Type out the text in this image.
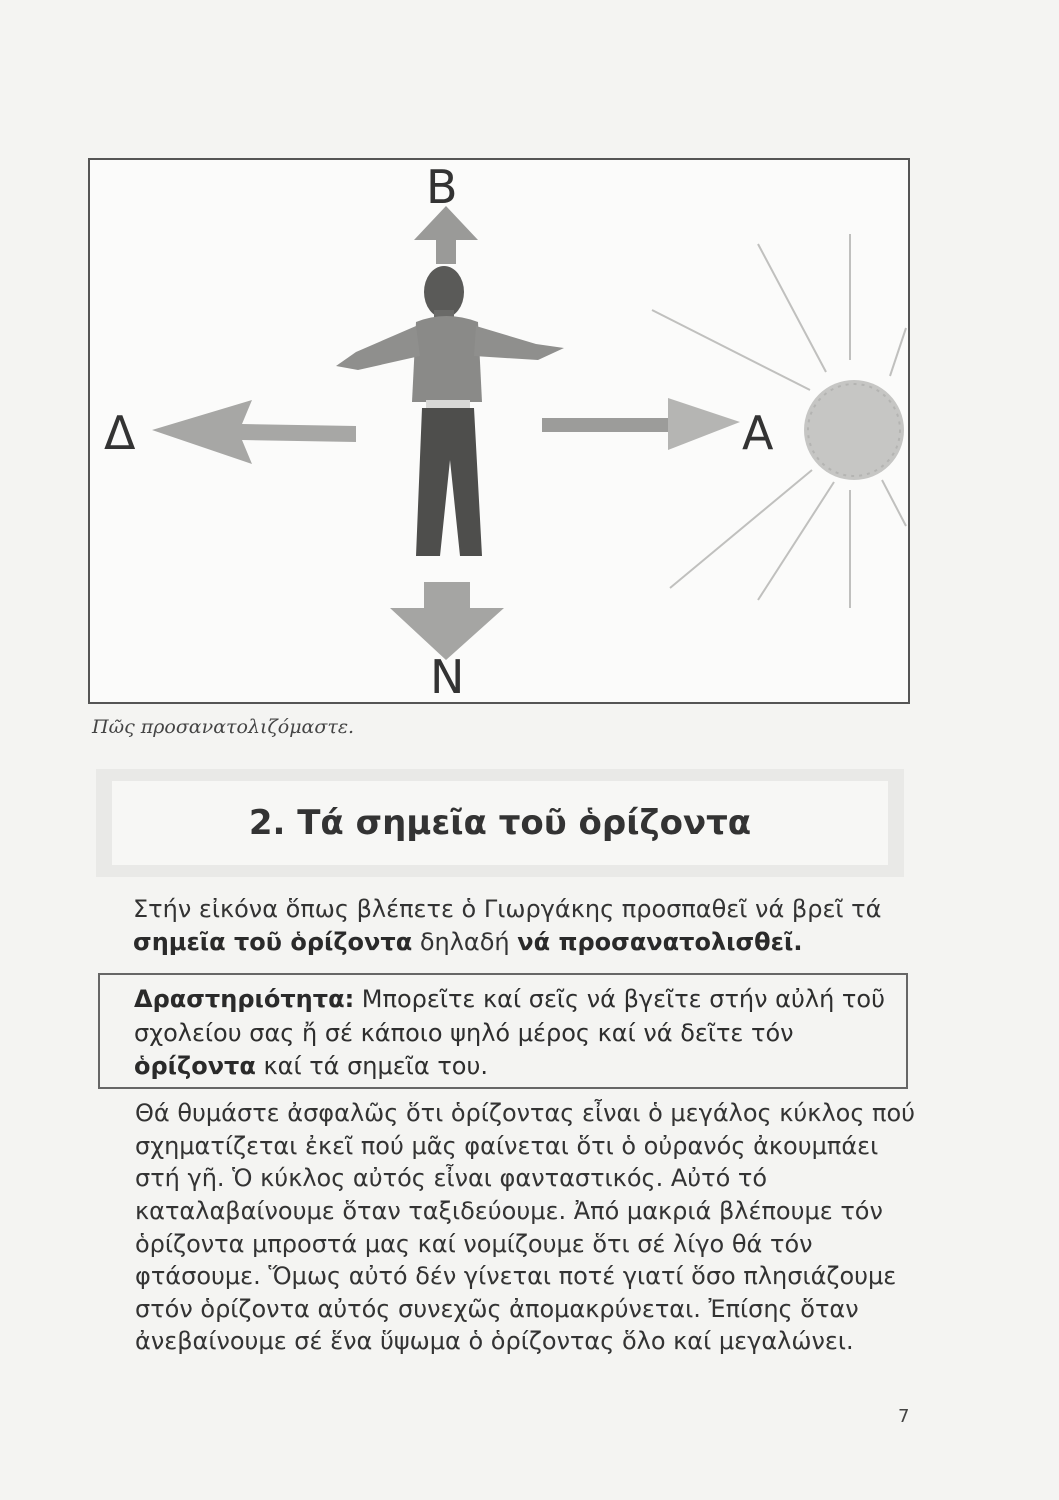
Β
Ν
Δ	Α
Πῶς προσανατολιζόμαστε.
2. Τά σημεῖα τοῦ ὁρίζοντα

Στήν εἰκόνα ὅπως βλέπετε ὁ Γιωργάκης προσπαθεῖ νά βρεῖ τά σημεῖα τοῦ ὁρίζοντα δηλαδή νά προσανατολισθεῖ.

Δραστηριότητα: Μπορεῖτε καί σεῖς νά βγεῖτε στήν αὐλή τοῦ σχολείου σας ἤ σέ κάποιο ψηλό μέρος καί νά δεῖτε τόν ὁρίζοντα καί τά σημεῖα του.

Θά θυμάστε ἀσφαλῶς ὅτι ὁρίζοντας εἶναι ὁ μεγάλος κύκλος πού σχηματίζεται ἐκεῖ πού μᾶς φαίνεται ὅτι ὁ οὐρανός ἀκουμπάει στή γῆ. Ὁ κύκλος αὐτός εἶναι φανταστικός. Αὐτό τό καταλαβαίνουμε ὅταν ταξιδεύουμε. Ἀπό μακριά βλέπουμε τόν ὁρίζοντα μπροστά μας καί νομίζουμε ὅτι σέ λίγο θά τόν φτάσουμε. Ὅμως αὐτό δέν γίνεται ποτέ γιατί ὅσο πλησιάζουμε στόν ὁρίζοντα αὐτός συνεχῶς ἀπομακρύνεται. Ἐπίσης ὅταν ἀνεβαίνουμε σέ ἕνα ὕψωμα ὁ ὁρίζοντας ὅλο καί μεγαλώνει.

7
